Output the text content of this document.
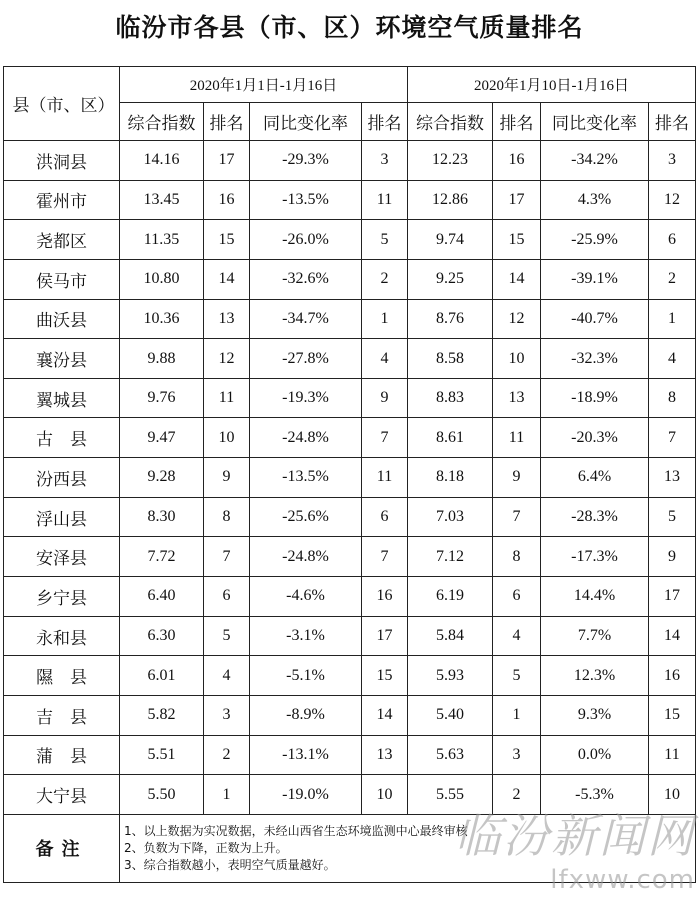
临汾市各县（市、区）环境空气质量排名
县（市、区）	2020年1月1日-1月16日				2020年1月10日-1月16日			
	综合指数	排名	同比变化率	排名	综合指数	排名	同比变化率	排名
洪洞县	14.16	17	-29.3%	3	12.23	16	-34.2%	3
霍州市	13.45	16	-13.5%	11	12.86	17	4.3%	12
尧都区	11.35	15	-26.0%	5	9.74	15	-25.9%	6
侯马市	10.80	14	-32.6%	2	9.25	14	-39.1%	2
曲沃县	10.36	13	-34.7%	1	8.76	12	-40.7%	1
襄汾县	9.88	12	-27.8%	4	8.58	10	-32.3%	4
翼城县	9.76	11	-19.3%	9	8.83	13	-18.9%	8
古　县	9.47	10	-24.8%	7	8.61	11	-20.3%	7
汾西县	9.28	9	-13.5%	11	8.18	9	6.4%	13
浮山县	8.30	8	-25.6%	6	7.03	7	-28.3%	5
安泽县	7.72	7	-24.8%	7	7.12	8	-17.3%	9
乡宁县	6.40	6	-4.6%	16	6.19	6	14.4%	17
永和县	6.30	5	-3.1%	17	5.84	4	7.7%	14
隰　县	6.01	4	-5.1%	15	5.93	5	12.3%	16
吉　县	5.82	3	-8.9%	14	5.40	1	9.3%	15
蒲　县	5.51	2	-13.1%	13	5.63	3	0.0%	11
大宁县	5.50	1	-19.0%	10	5.55	2	-5.3%	10
备注	1、以上数据为实况数据，未经山西省生态环境监测中心最终审核
2、负数为下降，正数为上升。
3、综合指数越小，表明空气质量越好。							
临汾新闻网
lfxww.com
